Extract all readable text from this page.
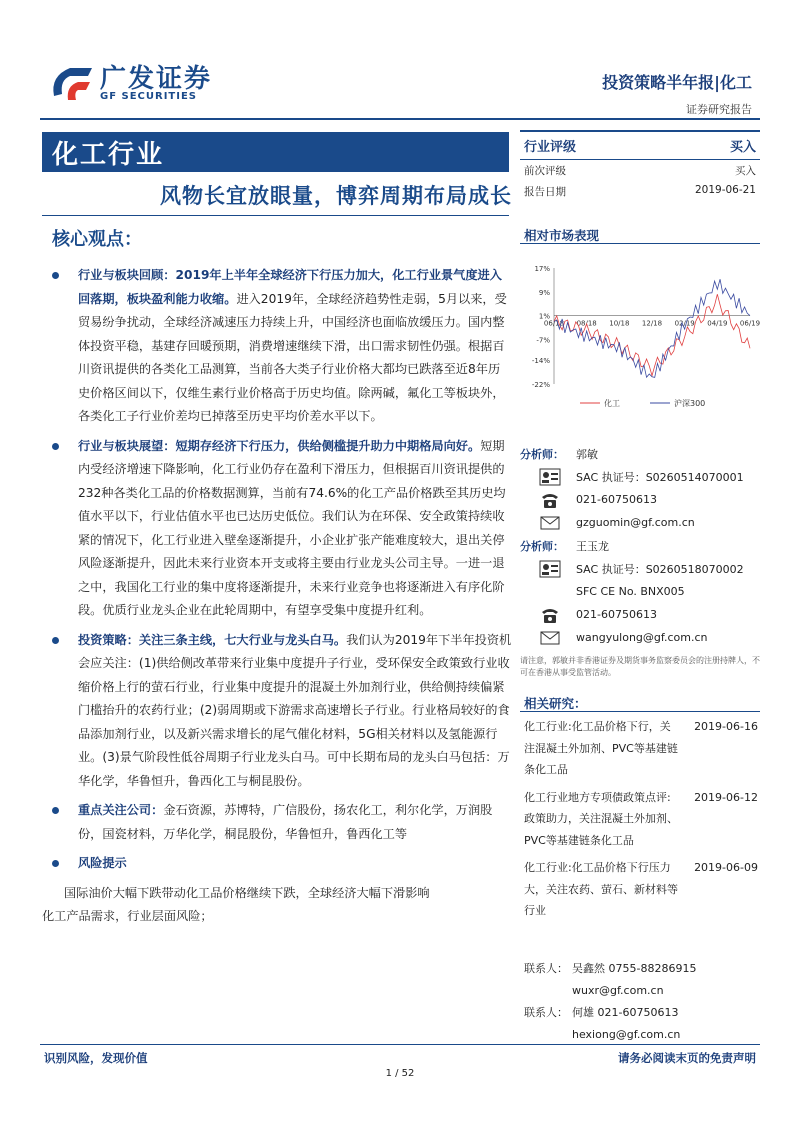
广发证券
GF SECURITIES
投资策略半年报|化工
证券研究报告
化工行业
风物长宜放眼量，博弈周期布局成长
核心观点：
行业与板块回顾：2019年上半年全球经济下行压力加大，化工行业景气度进入回落期，板块盈利能力收缩。进入2019年，全球经济趋势性走弱，5月以来，受贸易纷争扰动，全球经济减速压力持续上升，中国经济也面临放缓压力。国内整体投资平稳，基建存回暖预期，消费增速继续下滑，出口需求韧性仍强。根据百川资讯提供的各类化工品测算，当前各大类子行业价格大都均已跌落至近8年历史价格区间以下，仅维生素行业价格高于历史均值。除两碱，氟化工等板块外，各类化工子行业价差均已掉落至历史平均价差水平以下。
行业与板块展望：短期存经济下行压力，供给侧槛提升助力中期格局向好。短期内受经济增速下降影响，化工行业仍存在盈利下滑压力，但根据百川资讯提供的232种各类化工品的价格数据测算，当前有74.6%的化工产品价格跌至其历史均值水平以下，行业估值水平也已达历史低位。我们认为在环保、安全政策持续收紧的情况下，化工行业进入壁垒逐渐提升，小企业扩张产能难度较大，退出关停风险逐渐提升，因此未来行业资本开支或将主要由行业龙头公司主导。一进一退之中，我国化工行业的集中度将逐渐提升，未来行业竞争也将逐渐进入有序化阶段。优质行业龙头企业在此轮周期中，有望享受集中度提升红利。
投资策略：关注三条主线，七大行业与龙头白马。我们认为2019年下半年投资机会应关注：(1)供给侧改革带来行业集中度提升子行业，受环保安全政策致行业收缩价格上行的萤石行业，行业集中度提升的混凝土外加剂行业，供给侧持续偏紧门槛抬升的农药行业；(2)弱周期或下游需求高速增长子行业。行业格局较好的食品添加剂行业，以及新兴需求增长的尾气催化材料，5G相关材料以及氢能源行业。(3)景气阶段性低谷周期子行业龙头白马。可中长期布局的龙头白马包括：万华化学，华鲁恒升，鲁西化工与桐昆股份。
重点关注公司：金石资源，苏博特，广信股份，扬农化工，利尔化学，万润股份，国瓷材料，万华化学，桐昆股份，华鲁恒升，鲁西化工等
风险提示
国际油价大幅下跌带动化工品价格继续下跌，全球经济大幅下滑影响
化工产品需求，行业层面风险；
行业评级	买入
前次评级	买入
报告日期	2019-06-21
相对市场表现
17%
9%
1%
-7%
-14%
-22%
06/18 08/18 10/18 12/18 02/19 04/19 06/19
化工	沪深300
分析师：	郭敏
SAC 执证号：S0260514070001
021-60750613
gzguomin@gf.com.cn
分析师：	王玉龙
SAC 执证号：S0260518070002
SFC CE No. BNX005
021-60750613
wangyulong@gf.com.cn
请注意，郭敏并非香港证券及期货事务监察委员会的注册持牌人，不可在香港从事受监管活动。
相关研究：
化工行业:化工品价格下行，关注混凝土外加剂、PVC等基建链条化工品
2019-06-16
化工行业地方专项债政策点评:政策助力，关注混凝土外加剂、PVC等基建链条化工品
2019-06-12
化工行业:化工品价格下行压力大，关注农药、萤石、新材料等行业
2019-06-09
联系人： 吴鑫然 0755-88286915
wuxr@gf.com.cn
联系人： 何雄 021-60750613
hexiong@gf.com.cn
识别风险，发现价值	请务必阅读末页的免责声明
1 / 52
